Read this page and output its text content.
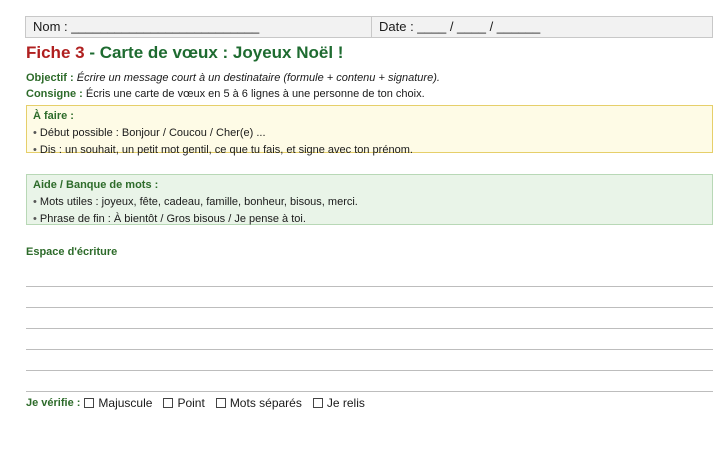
Nom : __________________________	Date : ____ / ____ / ______
Fiche 3 - Carte de vœux : Joyeux Noël !
Objectif : Écrire un message court à un destinataire (formule + contenu + signature).
Consigne : Écris une carte de vœux en 5 à 6 lignes à une personne de ton choix.
À faire :
• Début possible : Bonjour / Coucou / Cher(e) ...
• Dis : un souhait, un petit mot gentil, ce que tu fais, et signe avec ton prénom.
Aide / Banque de mots :
• Mots utiles : joyeux, fête, cadeau, famille, bonheur, bisous, merci.
• Phrase de fin : À bientôt / Gros bisous / Je pense à toi.
Espace d'écriture
Je vérifie : Majuscule Point Mots séparés Je relis
